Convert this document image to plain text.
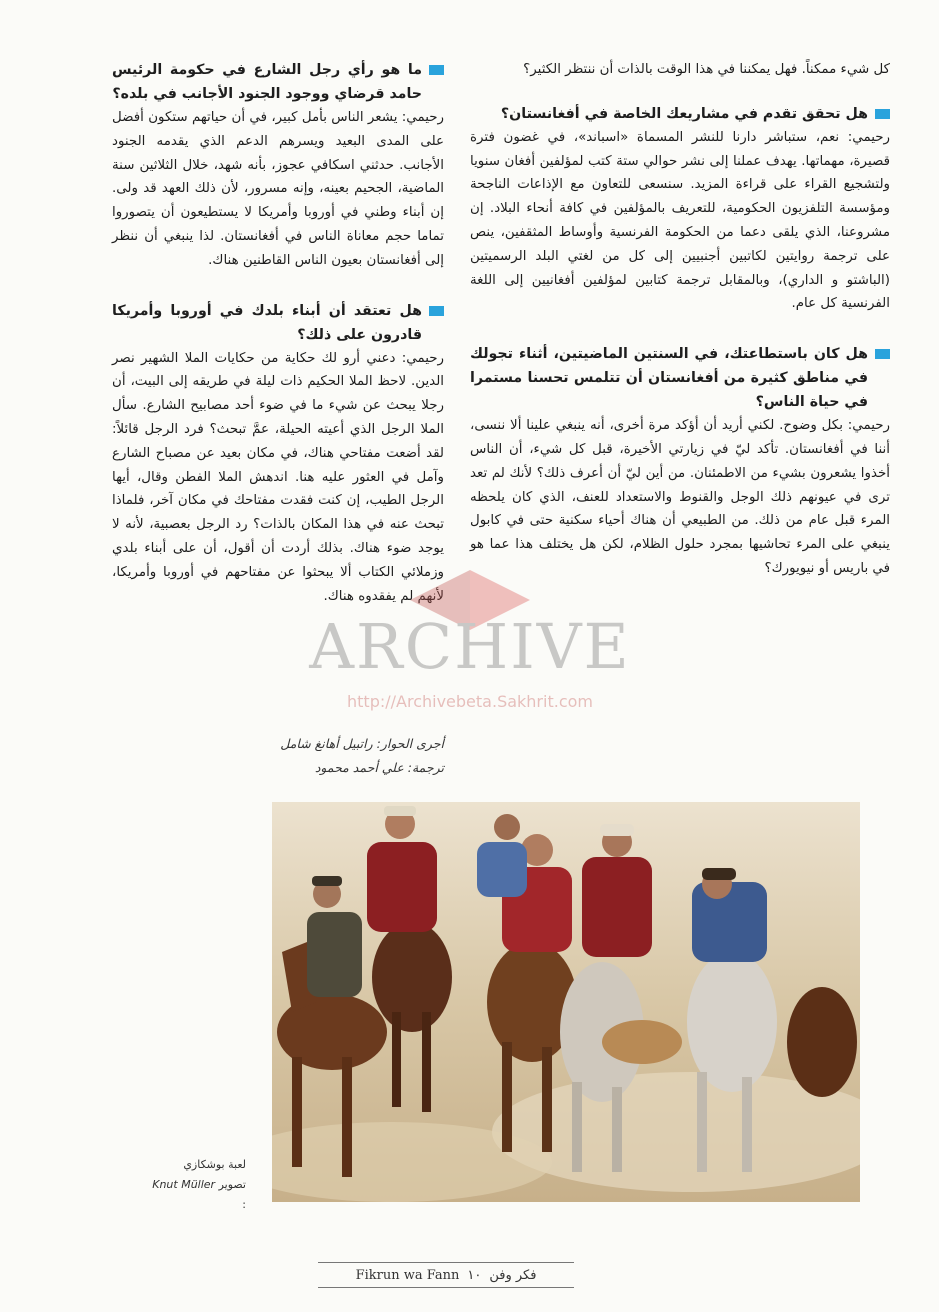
كل شيء ممكناً. فهل يمكننا في هذا الوقت بالذات أن ننتظر الكثير؟

هل تحقق تقدم في مشاريعك الخاصة في أفغانستان؟

رحيمي: نعم، ستباشر دارنا للنشر المسماة «اسباند»، في غضون فترة قصيرة، مهماتها. يهدف عملنا إلى نشر حوالي ستة كتب لمؤلفين أفغان سنويا ولتشجيع القراء على قراءة المزيد. سنسعى للتعاون مع الإذاعات الناجحة ومؤسسة التلفزيون الحكومية، للتعريف بالمؤلفين في كافة أنحاء البلاد. إن مشروعنا، الذي يلقى دعما من الحكومة الفرنسية وأوساط المثقفين، ينص على ترجمة روايتين لكاتبين أجنبيين إلى كل من لغتي البلد الرسميتين (الباشتو و الداري)، وبالمقابل ترجمة كتابين لمؤلفين أفغانيين إلى اللغة الفرنسية كل عام.

هل كان باستطاعتك، في السنتين الماضيتين، أثناء تجولك في مناطق كثيرة من أفغانستان أن تتلمس تحسنا مستمرا في حياة الناس؟

رحيمي: بكل وضوح. لكني أريد أن أؤكد مرة أخرى، أنه ينبغي علينا ألا ننسى، أننا في أفغانستان. تأكد ليّ في زيارتي الأخيرة، قبل كل شيء، أن الناس أخذوا يشعرون بشيء من الاطمئنان. من أين ليّ أن أعرف ذلك؟ لأنك لم تعد ترى في عيونهم ذلك الوجل والقنوط والاستعداد للعنف، الذي كان يلحظه المرء قبل عام من ذلك. من الطبيعي أن هناك أحياء سكنية حتى في كابول ينبغي على المرء تحاشيها بمجرد حلول الظلام، لكن هل يختلف هذا عما هو في باريس أو نيويورك؟

ما هو رأي رجل الشارع في حكومة الرئيس حامد قرضاي ووجود الجنود الأجانب في بلده؟

رحيمي: يشعر الناس بأمل كبير، في أن حياتهم ستكون أفضل على المدى البعيد ويسرهم الدعم الذي يقدمه الجنود الأجانب. حدثني اسكافي عجوز، بأنه شهد، خلال الثلاثين سنة الماضية، الجحيم بعينه، وإنه مسرور، لأن ذلك العهد قد ولى. إن أبناء وطني في أوروبا وأمريكا لا يستطيعون أن يتصوروا تماما حجم معاناة الناس في أفغانستان. لذا ينبغي أن ننظر إلى أفغانستان بعيون الناس القاطنين هناك.

هل تعتقد أن أبناء بلدك في أوروبا وأمريكا قادرون على ذلك؟

رحيمي: دعني أرو لك حكاية من حكايات الملا الشهير نصر الدين. لاحظ الملا الحكيم ذات ليلة في طريقه إلى البيت، أن رجلا يبحث عن شيء ما في ضوء أحد مصابيح الشارع. سأل الملا الرجل الذي أعيته الحيلة، عمَّ تبحث؟ فرد الرجل قائلاً: لقد أضعت مفتاحي هناك، في مكان بعيد عن مصباح الشارع وآمل في العثور عليه هنا. اندهش الملا الفطن وقال، أيها الرجل الطيب، إن كنت فقدت مفتاحك في مكان آخر، فلماذا تبحث عنه في هذا المكان بالذات؟ رد الرجل بعصبية، لأنه لا يوجد ضوء هناك. بذلك أردت أن أقول، أن على أبناء بلدي وزملائي الكتاب ألا يبحثوا عن مفتاحهم في أوروبا وأمريكا، لأنهم لم يفقدوه هناك.

أجرى الحوار: راتبيل أهانغ شامل
ترجمة: علي أحمد محمود
ARCHIVE
http://Archivebeta.Sakhrit.com
لعبة بوشكازي
Knut Müller تصوير :
Fikrun wa Fann ١٠ فكر وفن
